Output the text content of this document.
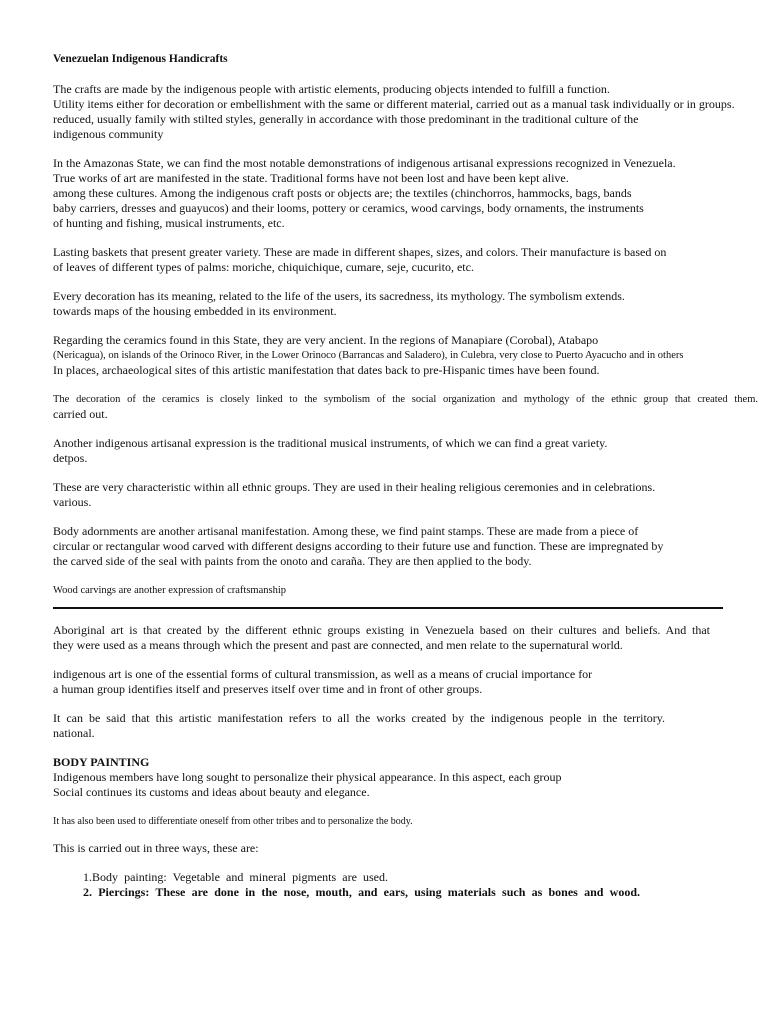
Venezuelan Indigenous Handicrafts
The crafts are made by the indigenous people with artistic elements, producing objects intended to fulfill a function.
Utility items either for decoration or embellishment with the same or different material, carried out as a manual task individually or in groups.
reduced, usually family with stilted styles, generally in accordance with those predominant in the traditional culture of the
indigenous community
In the Amazonas State, we can find the most notable demonstrations of indigenous artisanal expressions recognized in Venezuela.
True works of art are manifested in the state. Traditional forms have not been lost and have been kept alive.
among these cultures. Among the indigenous craft posts or objects are; the textiles (chinchorros, hammocks, bags, bands
baby carriers, dresses and guayucos) and their looms, pottery or ceramics, wood carvings, body ornaments, the instruments
of hunting and fishing, musical instruments, etc.
Lasting baskets that present greater variety. These are made in different shapes, sizes, and colors. Their manufacture is based on
of leaves of different types of palms: moriche, chiquichique, cumare, seje, cucurito, etc.
Every decoration has its meaning, related to the life of the users, its sacredness, its mythology. The symbolism extends.
towards maps of the housing embedded in its environment.
Regarding the ceramics found in this State, they are very ancient. In the regions of Manapiare (Corobal), Atabapo
(Nericagua), on islands of the Orinoco River, in the Lower Orinoco (Barrancas and Saladero), in Culebra, very close to Puerto Ayacucho and in others
In places, archaeological sites of this artistic manifestation that dates back to pre-Hispanic times have been found.
The decoration of the ceramics is closely linked to the symbolism of the social organization and mythology of the ethnic group that created them.
carried out.
Another indigenous artisanal expression is the traditional musical instruments, of which we can find a great variety.
detpos.
These are very characteristic within all ethnic groups. They are used in their healing religious ceremonies and in celebrations.
various.
Body adornments are another artisanal manifestation. Among these, we find paint stamps. These are made from a piece of
circular or rectangular wood carved with different designs according to their future use and function. These are impregnated by
the carved side of the seal with paints from the onoto and caraña. They are then applied to the body.
Wood carvings are another expression of craftsmanship
Aboriginal art is that created by the different ethnic groups existing in Venezuela based on their cultures and beliefs. And that
they were used as a means through which the present and past are connected, and men relate to the supernatural world.
indigenous art is one of the essential forms of cultural transmission, as well as a means of crucial importance for
a human group identifies itself and preserves itself over time and in front of other groups.
It can be said that this artistic manifestation refers to all the works created by the indigenous people in the territory.
national.
BODY PAINTING
Indigenous members have long sought to personalize their physical appearance. In this aspect, each group
Social continues its customs and ideas about beauty and elegance.
It has also been used to differentiate oneself from other tribes and to personalize the body.
This is carried out in three ways, these are:
1.Body painting: Vegetable and mineral pigments are used.
2. Piercings: These are done in the nose, mouth, and ears, using materials such as bones and wood.
